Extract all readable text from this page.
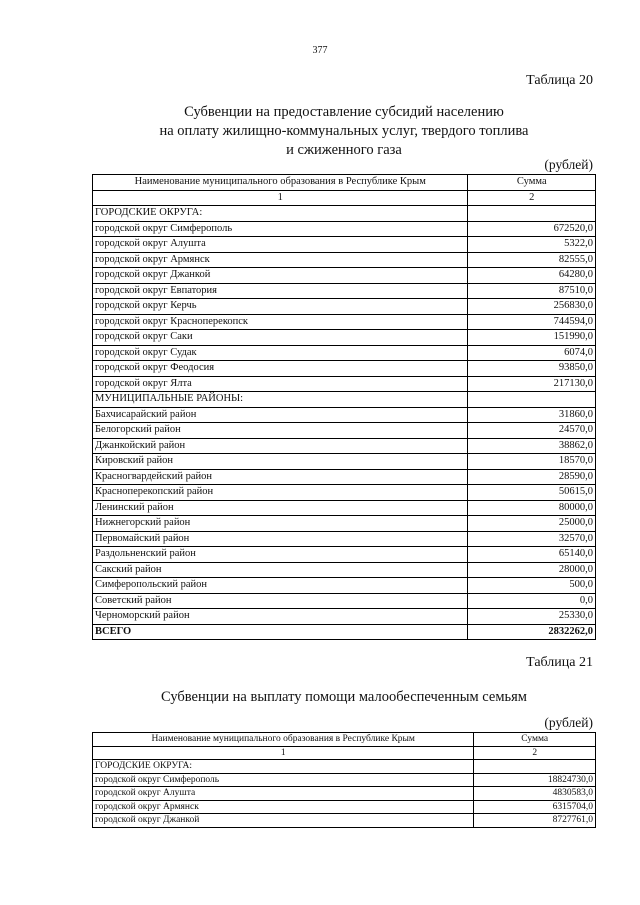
377
Таблица 20
Субвенции на предоставление субсидий населению
на оплату жилищно-коммунальных услуг, твердого топлива
и сжиженного газа
(рублей)
Наименование муниципального образования в Республике Крым	Сумма
1	2
ГОРОДСКИЕ ОКРУГА:	
городской округ Симферополь	672520,0
городской округ Алушта	5322,0
городской округ Армянск	82555,0
городской округ Джанкой	64280,0
городской округ Евпатория	87510,0
городской округ Керчь	256830,0
городской округ Красноперекопск	744594,0
городской округ Саки	151990,0
городской округ Судак	6074,0
городской округ Феодосия	93850,0
городской округ Ялта	217130,0
МУНИЦИПАЛЬНЫЕ РАЙОНЫ:	
Бахчисарайский район	31860,0
Белогорский район	24570,0
Джанкойский район	38862,0
Кировский район	18570,0
Красногвардейский район	28590,0
Красноперекопский район	50615,0
Ленинский район	80000,0
Нижнегорский район	25000,0
Первомайский район	32570,0
Раздольненский район	65140,0
Сакский район	28000,0
Симферопольский район	500,0
Советский район	0,0
Черноморский район	25330,0
ВСЕГО	2832262,0
Таблица 21
Субвенции на выплату помощи малообеспеченным семьям
(рублей)
Наименование муниципального образования в Республике Крым	Сумма
1	2
ГОРОДСКИЕ ОКРУГА:	
городской округ Симферополь	18824730,0
городской округ Алушта	4830583,0
городской округ Армянск	6315704,0
городской округ Джанкой	8727761,0
